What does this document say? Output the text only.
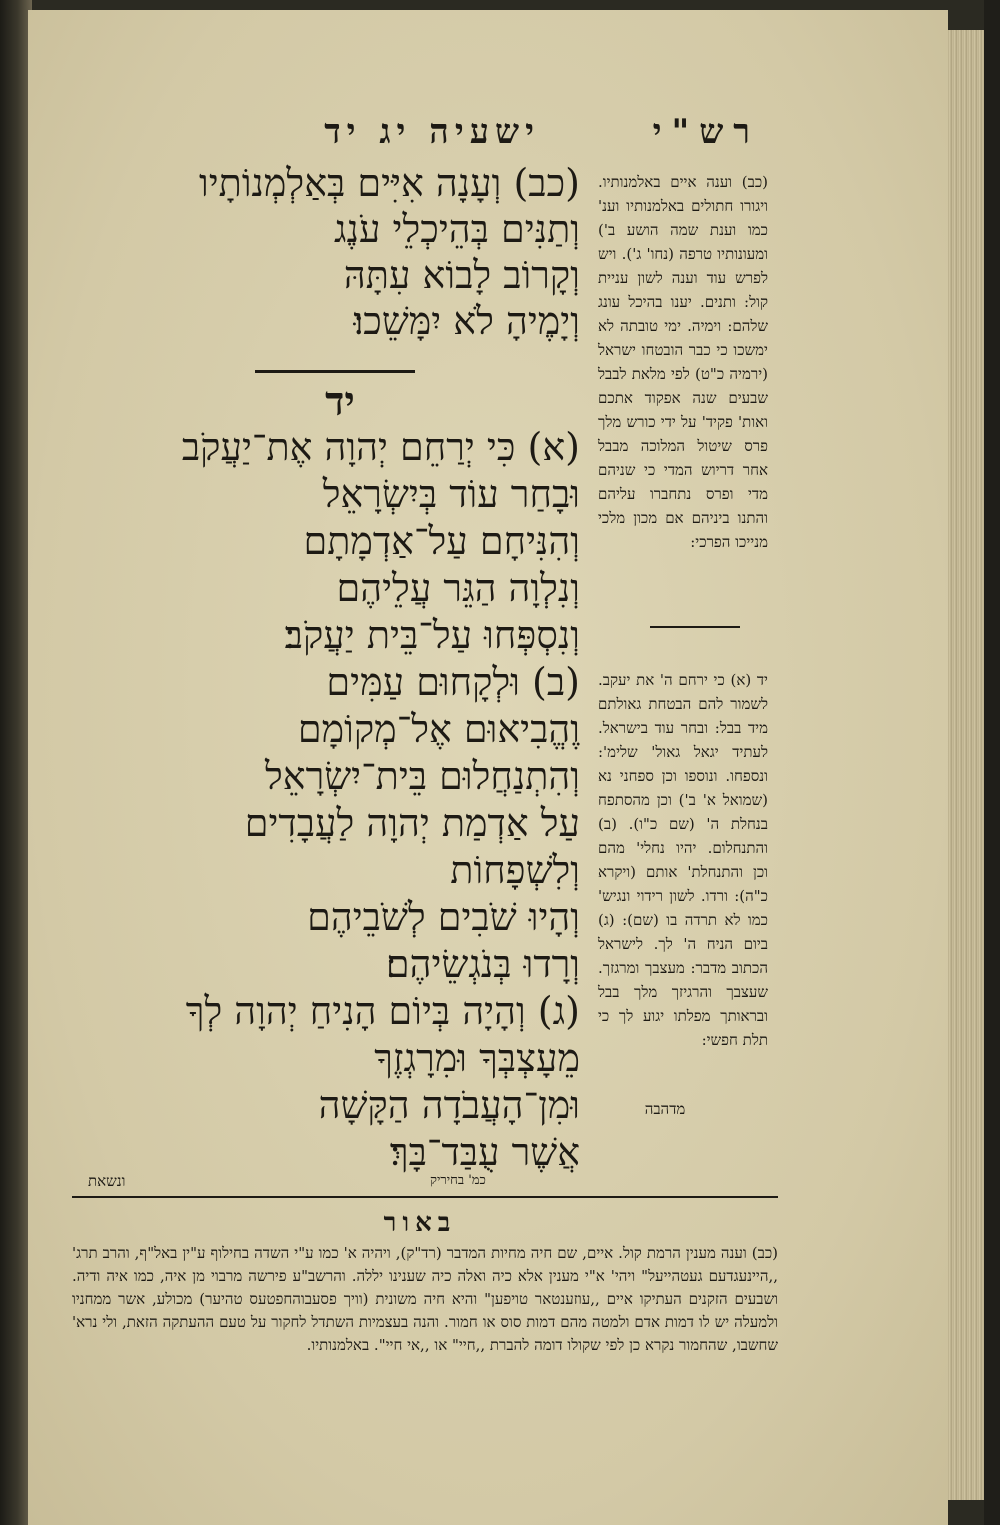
ישעיה יג יד	רש"י
(כב) וְעָנָה אִיִּים בְּאַלְמְנוֹתָיו
וְתַנִּים בְּהֵיכְלֵי עֹנֶג
וְקָרוֹב לָבוֹא עִתָּהּ
וְיָמֶיהָ לֹא יִמָּשֵׁכוּ׃
יד
(א) כִּי יְרַחֵם יְהוָה אֶת־יַעֲקֹב
וּבָחַר עוֹד בְּיִשְׂרָאֵל
וְהִנִּיחָם עַל־אַדְמָתָם
וְנִלְוָה הַגֵּר עֲלֵיהֶם
וְנִסְפְּחוּ עַל־בֵּית יַעֲקֹב׃
(ב) וּלְקָחוּם עַמִּים
וֶהֱבִיאוּם אֶל־מְקוֹמָם
וְהִתְנַחֲלוּם בֵּית־יִשְׂרָאֵל
עַל אַדְמַת יְהוָה לַעֲבָדִים
וְלִשְׁפָחוֹת
וְהָיוּ שֹׁבִים לְשֹׁבֵיהֶם
וְרָדוּ בְּנֹגְשֵׂיהֶם׃
(ג) וְהָיָה בְּיוֹם הָנִיחַ יְהוָה לְךָ
מֵעָצְבְּךָ וּמִרָגְזֶךָ
וּמִן־הָעֲבֹדָה הַקָּשָׁה
אֲשֶׁר עֻבַּד־בָּךְ׃

(כב) וענה איים באלמנותיו. ויגורו חתולים באלמנותיו וענ' כמו וענת שמה הושע ב') ומעונותיו טרפה (נחו' ג'). ויש לפרש עוד וענה לשון עניית קול: ותנים. יענו בהיכל עונג שלהם: וימיה. ימי טובתה לא ימשכו כי כבר הובטחו ישראל (ירמיה כ"ט) לפי מלאת לבבל שבעים שנה אפקוד אתכם ואות' פקיד' על ידי כורש מלך פרס שיטול המלוכה מבבל אחר דריוש המדי כי שניהם מדי ופרס נתחברו עליהם והתנו ביניהם אם מכון מלכי מנייכו הפרכי:

יד (א) כי ירחם ה' את יעקב. לשמור להם הבטחת גאולתם מיד בבל: ובחר עוד בישראל. לעתיד יגאל גאול' שלימ': ונספחו. ונוספו וכן ספחני נא (שמואל א' ב') וכן מהסתפח בנחלת ה' (שם כ"ו). (ב) והתנחלום. יהיו נחלי' מהם וכן והתנחלת' אותם (ויקרא כ"ה): ורדו. לשון רידוי ונגיש' כמו לא תרדה בו (שם): (ג) ביום הניח ה' לך. לישראל הכתוב מדבר: מעצבך ומרגזך. שעצבך והרגיזך מלך בבל ובראותך מפלתו יגוע לך כי תלת חפשי:

מדהבה
ונשאת	כמ' בחיריק
באור

(כב) וענה מענין הרמת קול. איים, שם חיה מחיות המדבר (רד"ק), ויהיה א' כמו ע"י השדה בחילוף ע"ין באל"ף, והרב תרג' ,,היינעגדעם געטהייעל" ויהי' א"י מענין אלא כיה ואלה כיה שענינו יללה. והרשב"ע פירשה מרבוי מן איה, כמו איה ודיה. ושבעים הזקנים העתיקו איים ,,עוזענטאר טויפען" והיא חיה משונית (וויך פסעבוהחפטעס טהיער) מכולע, אשר ממחניו ולמעלה יש לו דמות אדם ולמטה מהם דמות סוס או חמור. והנה בעצמיות השתדל לחקור על טעם ההעתקה הזאת, ולי נרא' שחשבו, שהחמור נקרא כן לפי שקולו דומה להברת ,,חיי" או ,,אי חיי". באלמנותיו.
